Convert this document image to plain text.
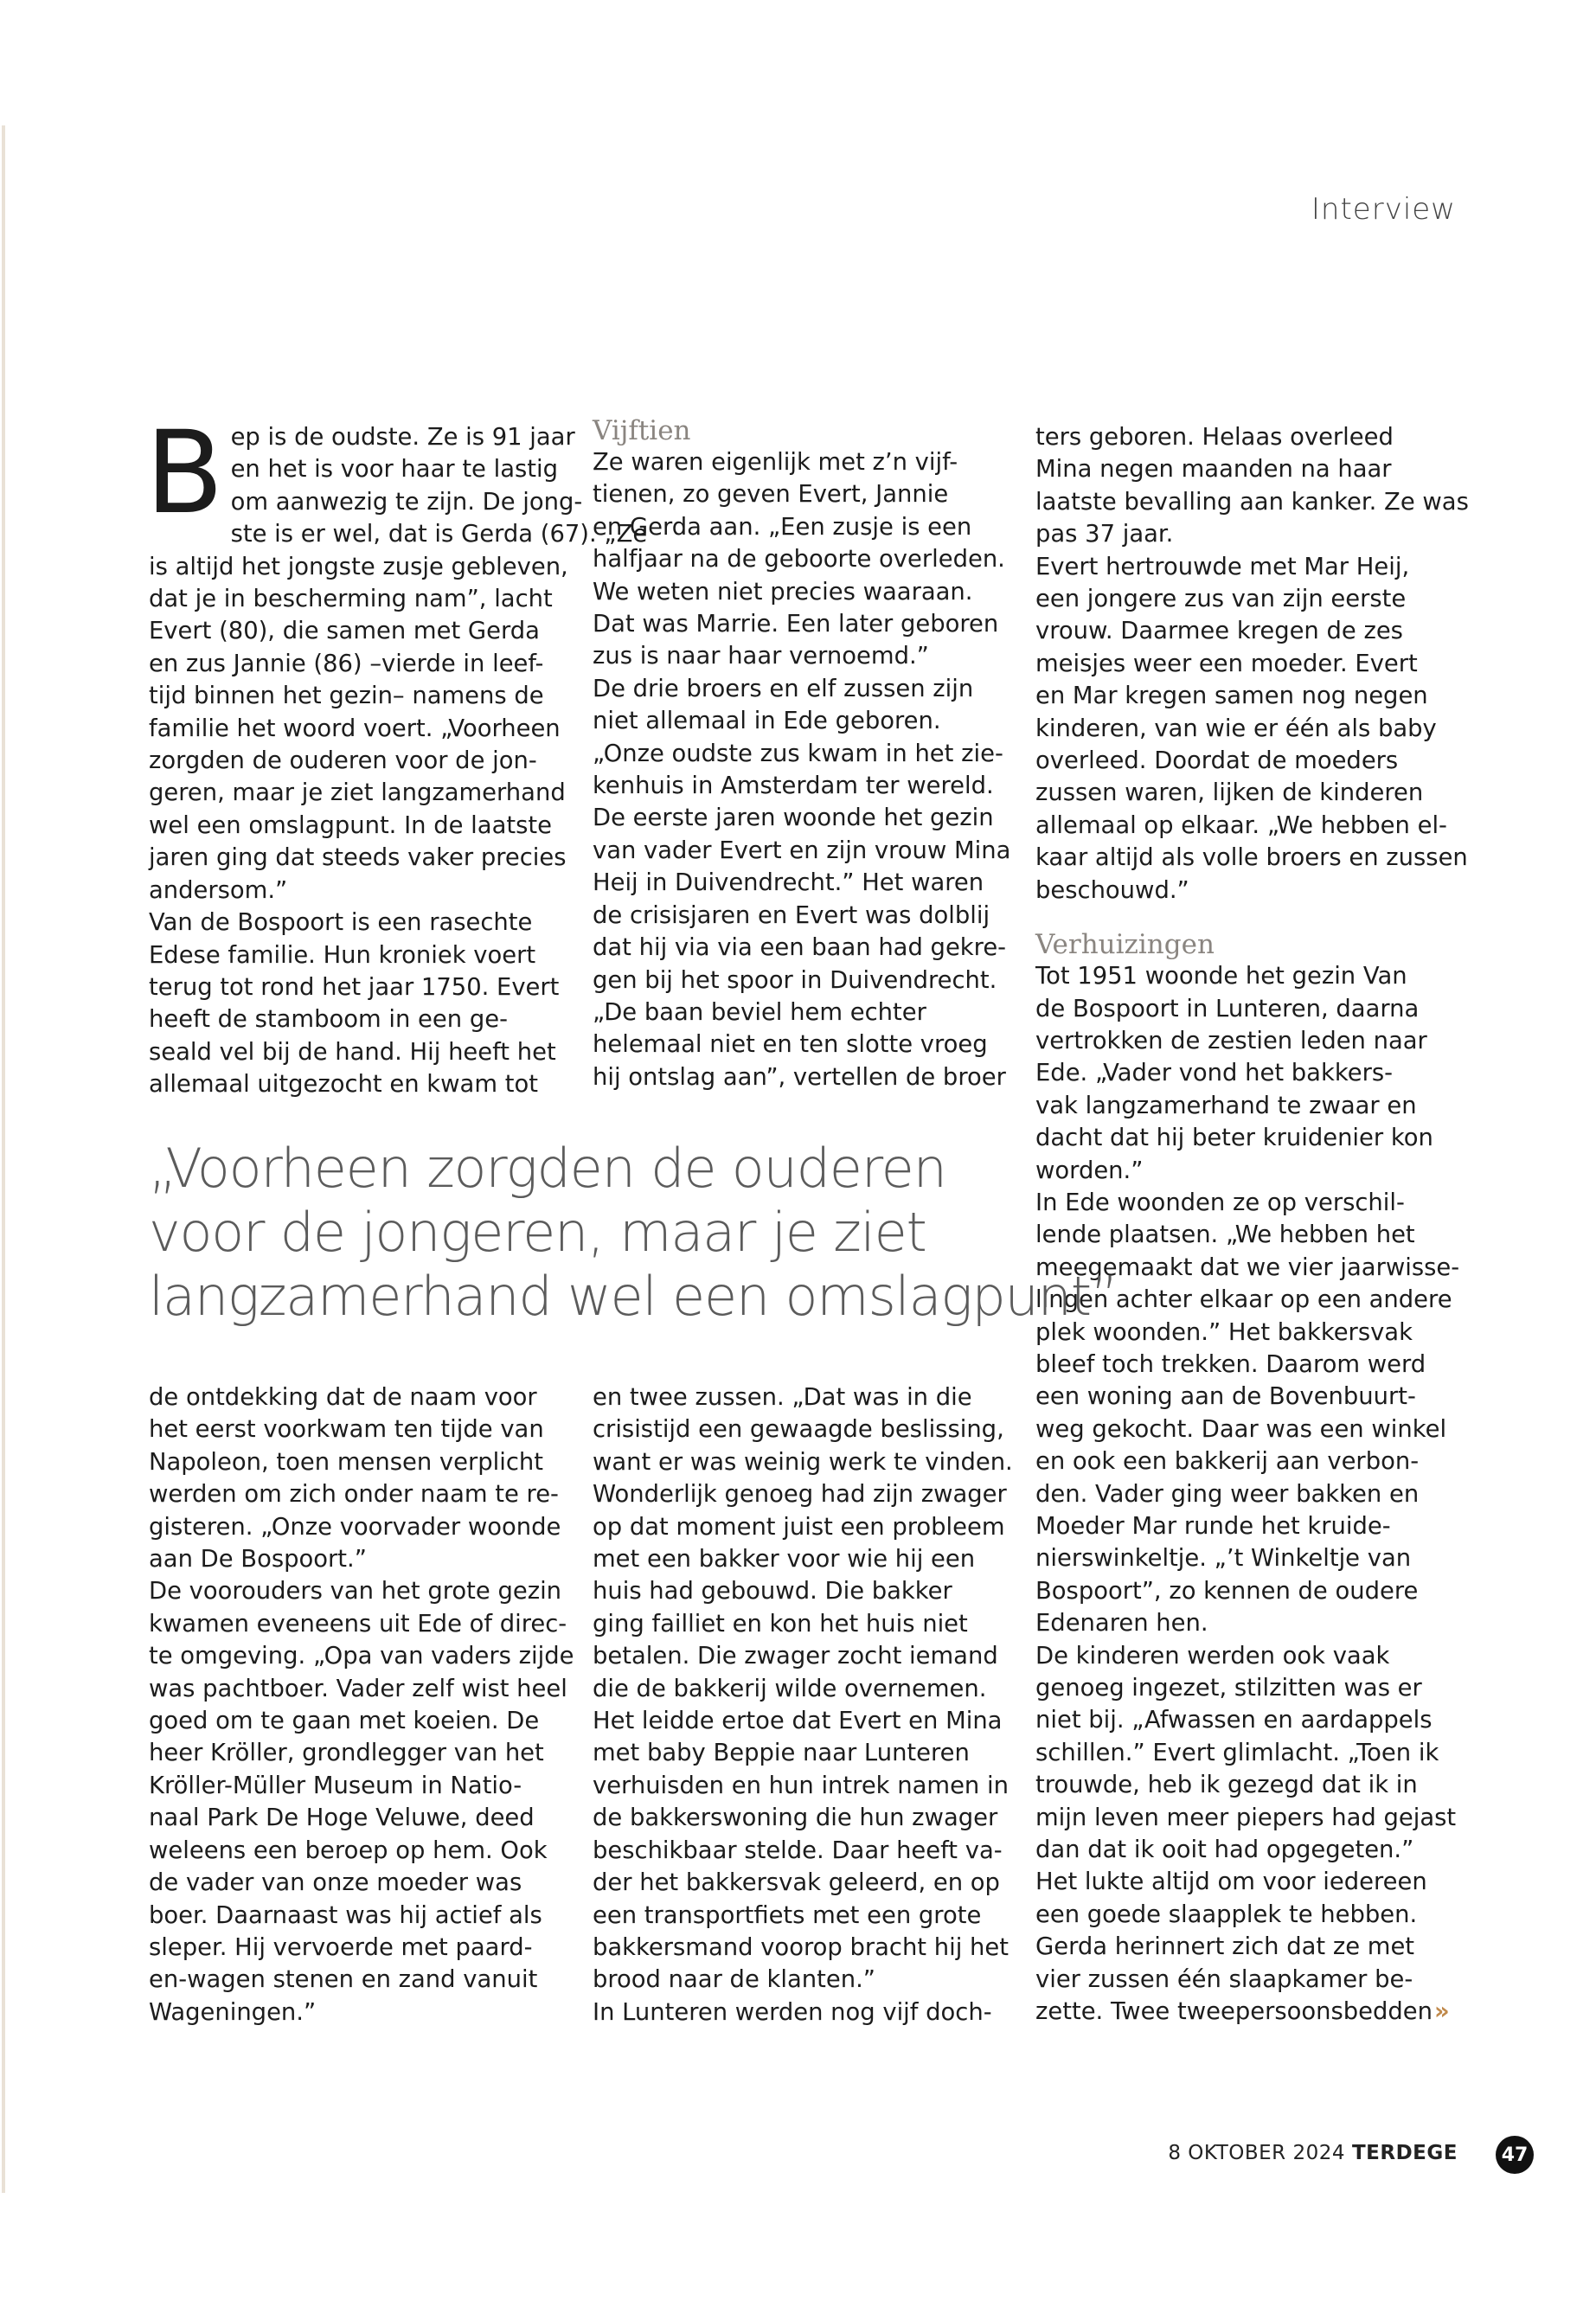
Interview
B ep is de oudste. Ze is 91 jaar
en het is voor haar te lastig
om aanwezig te zijn. De jong-
ste is er wel, dat is Gerda (67). „Ze
is altijd het jongste zusje gebleven,
dat je in bescherming nam”, lacht
Evert (80), die samen met Gerda
en zus Jannie (86) –vierde in leef-
tijd binnen het gezin– namens de
familie het woord voert. „Voorheen
zorgden de ouderen voor de jon-
geren, maar je ziet langzamerhand
wel een omslagpunt. In de laatste
jaren ging dat steeds vaker precies
andersom.”
Van de Bospoort is een rasechte
Edese familie. Hun kroniek voert
terug tot rond het jaar 1750. Evert
heeft de stamboom in een ge-
seald vel bij de hand. Hij heeft het
allemaal uitgezocht en kwam tot
Vijftien
Ze waren eigenlijk met z’n vijf-
tienen, zo geven Evert, Jannie
en Gerda aan. „Een zusje is een
halfjaar na de geboorte overleden.
We weten niet precies waaraan.
Dat was Marrie. Een later geboren
zus is naar haar vernoemd.”
De drie broers en elf zussen zijn
niet allemaal in Ede geboren.
„Onze oudste zus kwam in het zie-
kenhuis in Amsterdam ter wereld.
De eerste jaren woonde het gezin
van vader Evert en zijn vrouw Mina
Heij in Duivendrecht.” Het waren
de crisisjaren en Evert was dolblij
dat hij via via een baan had gekre-
gen bij het spoor in Duivendrecht.
„De baan beviel hem echter
helemaal niet en ten slotte vroeg
hij ontslag aan”, vertellen de broer
ters geboren. Helaas overleed
Mina negen maanden na haar
laatste bevalling aan kanker. Ze was
pas 37 jaar.
Evert hertrouwde met Mar Heij,
een jongere zus van zijn eerste
vrouw. Daarmee kregen de zes
meisjes weer een moeder. Evert
en Mar kregen samen nog negen
kinderen, van wie er één als baby
overleed. Doordat de moeders
zussen waren, lijken de kinderen
allemaal op elkaar. „We hebben el-
kaar altijd als volle broers en zussen
beschouwd.”
Verhuizingen
Tot 1951 woonde het gezin Van
de Bospoort in Lunteren, daarna
vertrokken de zestien leden naar
Ede. „Vader vond het bakkers-
vak langzamerhand te zwaar en
dacht dat hij beter kruidenier kon
worden.”
In Ede woonden ze op verschil-
lende plaatsen. „We hebben het
meegemaakt dat we vier jaarwisse-
lingen achter elkaar op een andere
plek woonden.” Het bakkersvak
bleef toch trekken. Daarom werd
een woning aan de Bovenbuurt-
weg gekocht. Daar was een winkel
en ook een bakkerij aan verbon-
den. Vader ging weer bakken en
Moeder Mar runde het kruide-
nierswinkeltje. „’t Winkeltje van
Bospoort”, zo kennen de oudere
Edenaren hen.
De kinderen werden ook vaak
genoeg ingezet, stilzitten was er
niet bij. „Afwassen en aardappels
schillen.” Evert glimlacht. „Toen ik
trouwde, heb ik gezegd dat ik in
mijn leven meer piepers had gejast
dan dat ik ooit had opgegeten.”
Het lukte altijd om voor iedereen
een goede slaapplek te hebben.
Gerda herinnert zich dat ze met
vier zussen één slaapkamer be-
zette. Twee tweepersoonsbedden»
„Voorheen zorgden de ouderen
voor de jongeren, maar je ziet
langzamerhand wel een omslagpunt”
de ontdekking dat de naam voor
het eerst voorkwam ten tijde van
Napoleon, toen mensen verplicht
werden om zich onder naam te re-
gisteren. „Onze voorvader woonde
aan De Bospoort.”
De voorouders van het grote gezin
kwamen eveneens uit Ede of direc-
te omgeving. „Opa van vaders zijde
was pachtboer. Vader zelf wist heel
goed om te gaan met koeien. De
heer Kröller, grondlegger van het
Kröller-Müller Museum in Natio-
naal Park De Hoge Veluwe, deed
weleens een beroep op hem. Ook
de vader van onze moeder was
boer. Daarnaast was hij actief als
sleper. Hij vervoerde met paard-
en-wagen stenen en zand vanuit
Wageningen.”
en twee zussen. „Dat was in die
crisistijd een gewaagde beslissing,
want er was weinig werk te vinden.
Wonderlijk genoeg had zijn zwager
op dat moment juist een probleem
met een bakker voor wie hij een
huis had gebouwd. Die bakker
ging failliet en kon het huis niet
betalen. Die zwager zocht iemand
die de bakkerij wilde overnemen.
Het leidde ertoe dat Evert en Mina
met baby Beppie naar Lunteren
verhuisden en hun intrek namen in
de bakkerswoning die hun zwager
beschikbaar stelde. Daar heeft va-
der het bakkersvak geleerd, en op
een transportfiets met een grote
bakkersmand voorop bracht hij het
brood naar de klanten.”
In Lunteren werden nog vijf doch-
8 OKTOBER 2024 TERDEGE	47
